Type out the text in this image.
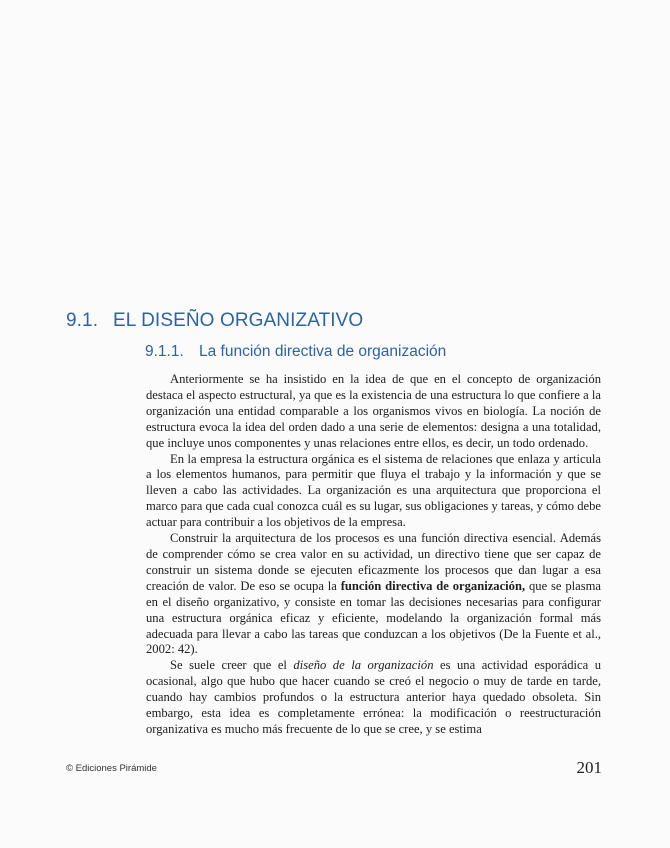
9.1. EL DISEÑO ORGANIZATIVO
9.1.1. La función directiva de organización

Anteriormente se ha insistido en la idea de que en el concepto de organización destaca el aspecto estructural, ya que es la existencia de una estructura lo que confiere a la organización una entidad comparable a los organismos vivos en biología. La noción de estructura evoca la idea del orden dado a una serie de elementos: designa a una totalidad, que incluye unos componentes y unas relaciones entre ellos, es decir, un todo ordenado.

En la empresa la estructura orgánica es el sistema de relaciones que enlaza y articula a los elementos humanos, para permitir que fluya el trabajo y la información y que se lleven a cabo las actividades. La organización es una arquitectura que proporciona el marco para que cada cual conozca cuál es su lugar, sus obligaciones y tareas, y cómo debe actuar para contribuir a los objetivos de la empresa.

Construir la arquitectura de los procesos es una función directiva esencial. Además de comprender cómo se crea valor en su actividad, un directivo tiene que ser capaz de construir un sistema donde se ejecuten eficazmente los procesos que dan lugar a esa creación de valor. De eso se ocupa la función directiva de organización, que se plasma en el diseño organizativo, y consiste en tomar las decisiones necesarias para configurar una estructura orgánica eficaz y eficiente, modelando la organización formal más adecuada para llevar a cabo las tareas que conduzcan a los objetivos (De la Fuente et al., 2002: 42).

Se suele creer que el diseño de la organización es una actividad esporádica u ocasional, algo que hubo que hacer cuando se creó el negocio o muy de tarde en tarde, cuando hay cambios profundos o la estructura anterior haya quedado obsoleta. Sin embargo, esta idea es completamente errónea: la modificación o reestructuración organizativa es mucho más frecuente de lo que se cree, y se estima

© Ediciones Pirámide	201
